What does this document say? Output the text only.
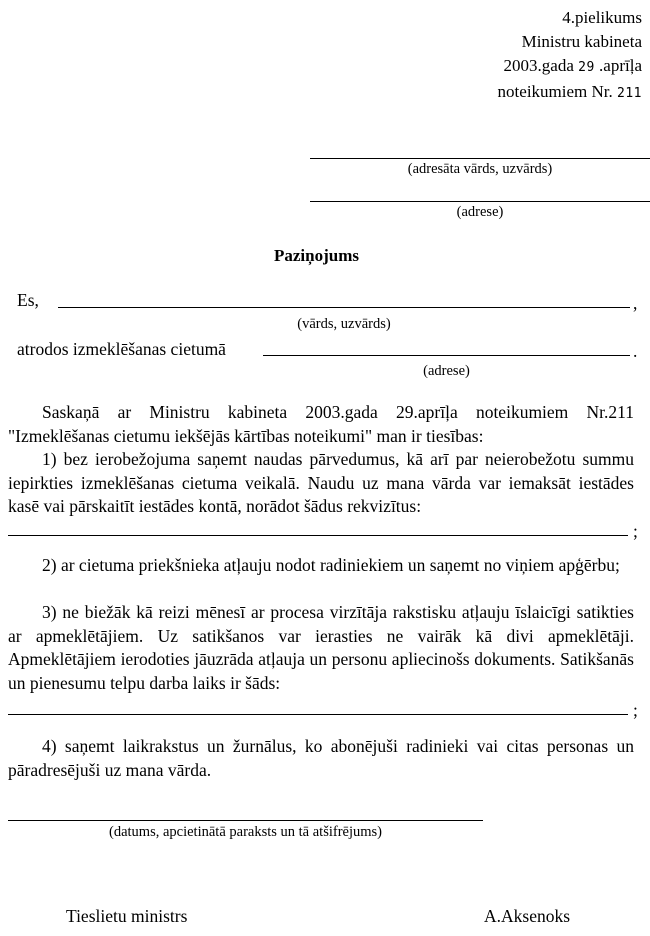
4.pielikums
Ministru kabineta
2003.gada 29 .aprīļa
noteikumiem Nr. 211
(adresāta vārds, uzvārds)
(adrese)
Paziņojums
Es,	,
(vārds, uzvārds)
atrodos izmeklēšanas cietumā	.
(adrese)
Saskaņā ar Ministru kabineta 2003.gada 29.aprīļa noteikumiem Nr.211 "Izmeklēšanas cietumu iekšējās kārtības noteikumi" man ir tiesības:
1) bez ierobežojuma saņemt naudas pārvedumus, kā arī par neierobežotu summu iepirkties izmeklēšanas cietuma veikalā. Naudu uz mana vārda var iemaksāt iestādes kasē vai pārskaitīt iestādes kontā, norādot šādus rekvizītus:
;
2) ar cietuma priekšnieka atļauju nodot radiniekiem un saņemt no viņiem apģērbu;
3) ne biežāk kā reizi mēnesī ar procesa virzītāja rakstisku atļauju īslaicīgi satikties ar apmeklētājiem. Uz satikšanos var ierasties ne vairāk kā divi apmeklētāji. Apmeklētājiem ierodoties jāuzrāda atļauja un personu apliecinošs dokuments. Satikšanās un pienesumu telpu darba laiks ir šāds:
;
4) saņemt laikrakstus un žurnālus, ko abonējuši radinieki vai citas personas un pāradresējuši uz mana vārda.
(datums, apcietinātā paraksts un tā atšifrējums)
Tieslietu ministrs	A.Aksenoks
